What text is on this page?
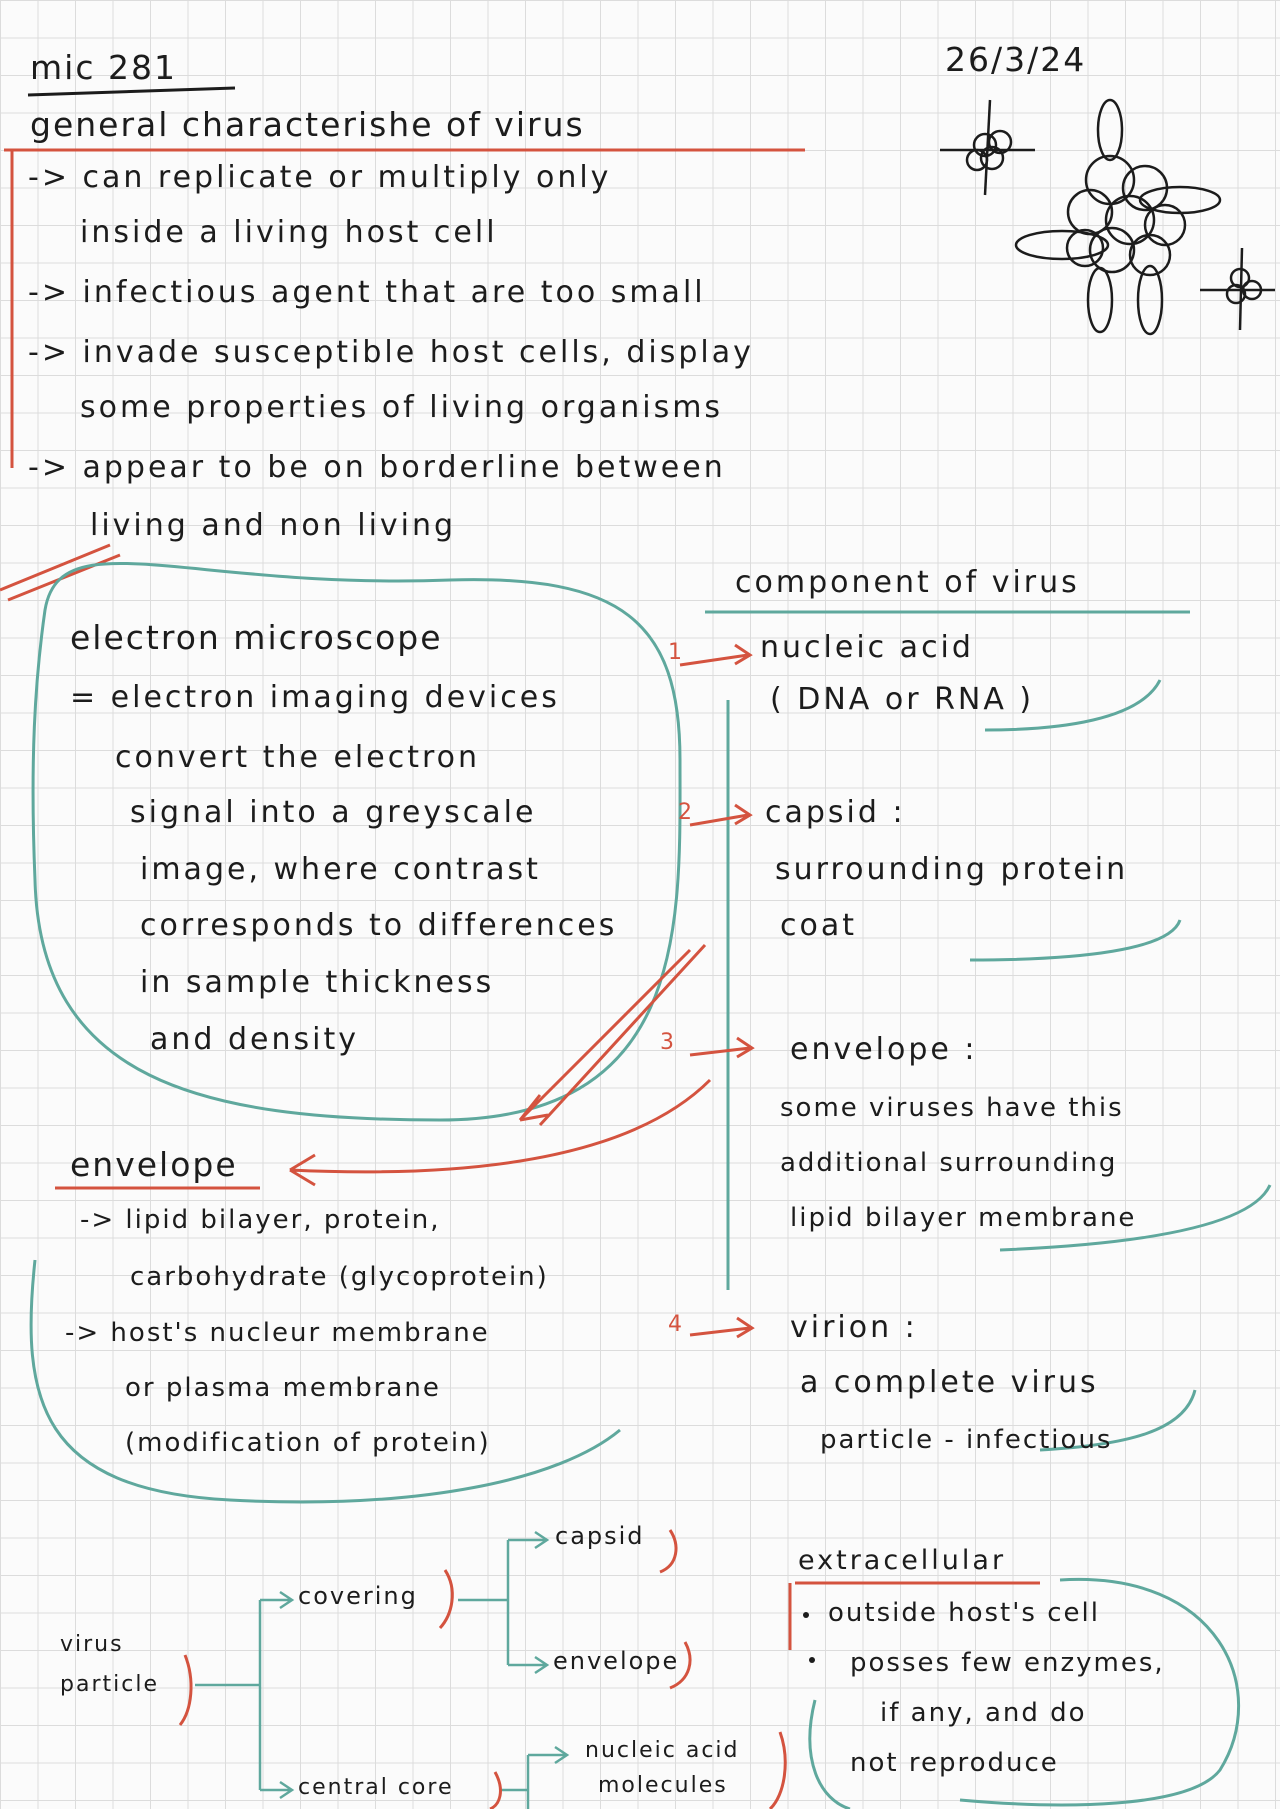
mic 281	26/3/24
general characterishe of virus
-> can replicate or multiply only
inside a living host cell
-> infectious agent that are too small
-> invade susceptible host cells, display
some properties of living organisms
-> appear to be on borderline between
living and non living
electron microscope
= electron imaging devices
convert the electron
signal into a greyscale
image, where contrast
corresponds to differences
in sample thickness
and density
component of virus
1	nucleic acid
( DNA or RNA )
2 capsid :
surrounding protein
coat
3	envelope :
some viruses have this
additional surrounding
lipid bilayer membrane
4	virion :
a complete virus
particle - infectious
envelope
-> lipid bilayer, protein,
carbohydrate (glycoprotein)
-> host's nucleur membrane
or plasma membrane
(modification of protein)
virus
particle
covering
capsid
envelope
central core
nucleic acid
molecules
extracellular
outside host's cell
posses few enzymes,
if any, and do
not reproduce
